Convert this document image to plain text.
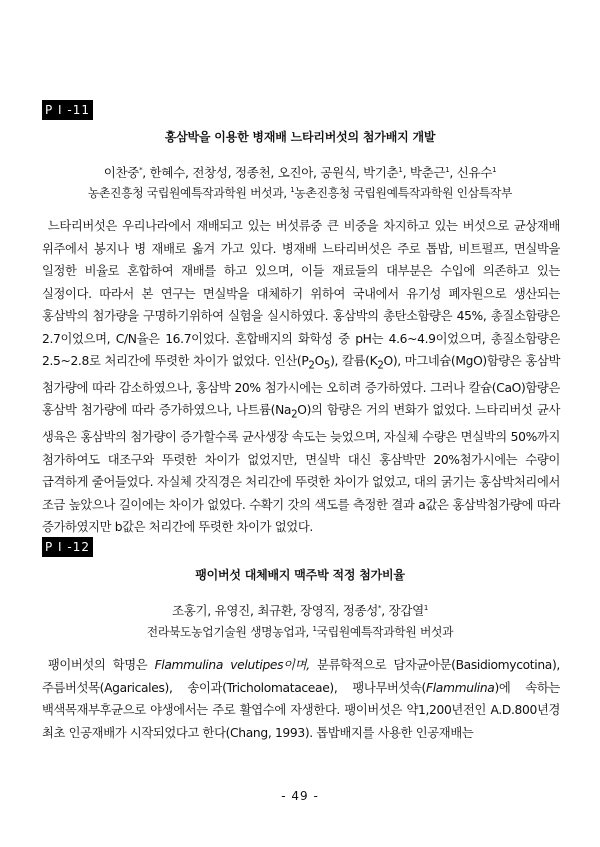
P I -11
홍삼박을 이용한 병재배 느타리버섯의 첨가배지 개발
이찬중*, 한혜수, 전창성, 정종천, 오진아, 공원식, 박기춘$^1$, 박춘근$^1$, 신유수$^1$
농촌진흥청 국립원예특작과학원 버섯과, $^1$농촌진흥청 국립원예특작과학원 인삼특작부
 느타리버섯은 우리나라에서 재배되고 있는 버섯류중 큰 비중을 차지하고 있는 버섯으로 균상재배 위주에서 봉지나 병 재배로 옮겨 가고 있다. 병재배 느타리버섯은 주로 톱밥, 비트펄프, 면실박을 일정한 비율로 혼합하여 재배를 하고 있으며, 이들 재료들의 대부분은 수입에 의존하고 있는 실정이다. 따라서 본 연구는 면실박을 대체하기 위하여 국내에서 유기성 폐자원으로 생산되는 홍삼박의 첨가량을 구명하기위하여 실험을 실시하였다. 홍삼박의 총탄소함량은 45%, 총질소함량은 2.7이었으며, C/N율은 16.7이었다. 혼합배지의 화학성 중 pH는 4.6~4.9이었으며, 총질소함량은 2.5~2.8로 처리간에 뚜렷한 차이가 없었다. 인산$(P_2O_5)$, 칼륨$(K_2O)$, 마그네슘(MgO)함량은 홍삼박 첨가량에 따라 감소하였으나, 홍삼박 20% 첨가시에는 오히려 증가하였다. 그러나 칼슘(CaO)함량은 홍삼박 첨가량에 따라 증가하였으나, 나트륨$(Na_2O)$의 함량은 거의 변화가 없었다. 느타리버섯 균사 생육은 홍삼박의 첨가량이 증가할수록 균사생장 속도는 늦었으며, 자실체 수량은 면실박의 50%까지 첨가하여도 대조구와 뚜렷한 차이가 없었지만, 면실박 대신 홍삼박만 20%첨가시에는 수량이 급격하게 줄어들었다. 자실체 갓직경은 처리간에 뚜렷한 차이가 없었고, 대의 굵기는 홍삼박처리에서 조금 높았으나 길이에는 차이가 없었다. 수확기 갓의 색도를 측정한 결과 a값은 홍삼박첨가량에 따라 증가하였지만 b값은 처리간에 뚜렷한 차이가 없었다.
P I -12
팽이버섯 대체배지 맥주박 적정 첨가비율
조홍기, 유영진, 최규환, 장영직, 정종성*, 장갑열$^1$
전라북도농업기술원 생명농업과, $^1$국립원예특작과학원 버섯과
 팽이버섯의 학명은 Flammulina velutipes이며, 분류학적으로 담자균아문(Basidiomycotina), 주름버섯목(Agaricales), 송이과(Tricholomataceae), 팽나무버섯속(Flammulina)에 속하는 백색목재부후균으로 야생에서는 주로 활엽수에 자생한다. 팽이버섯은 약1,200년전인 A.D.800년경 최초 인공재배가 시작되었다고 한다(Chang, 1993). 톱밥배지를 사용한 인공재배는
- 49 -
